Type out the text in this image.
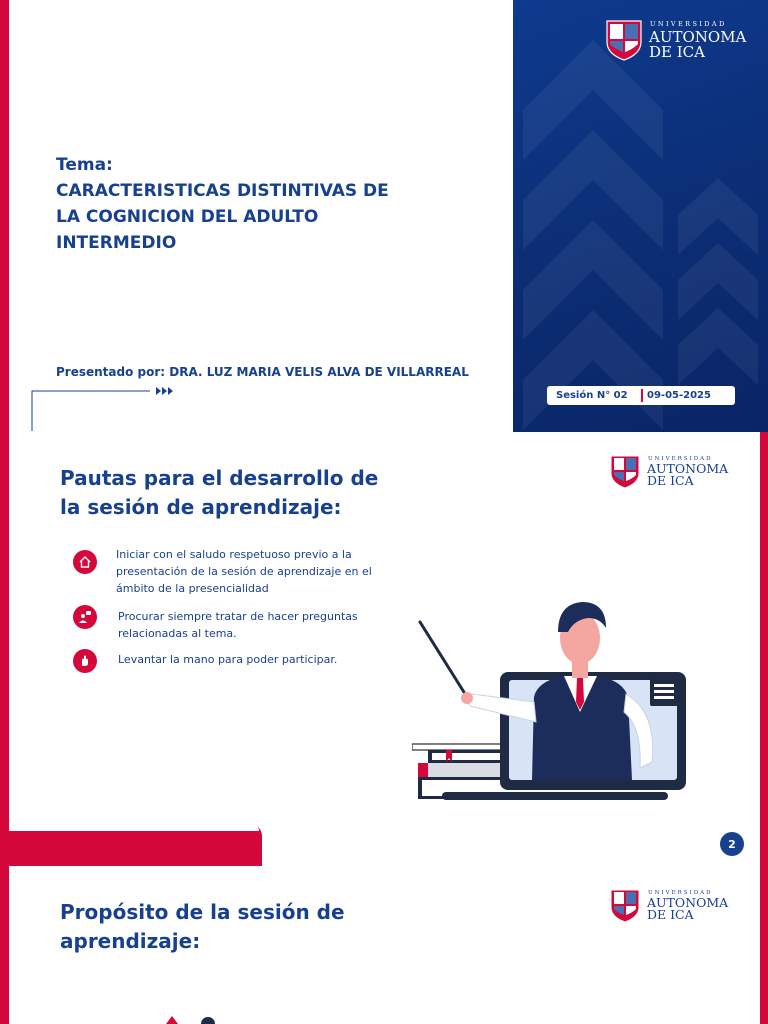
UNIVERSIDAD
AUTONOMA
DE ICA
Tema:
CARACTERISTICAS DISTINTIVAS DE
LA COGNICION DEL ADULTO
INTERMEDIO
Presentado por: DRA. LUZ MARIA VELIS ALVA DE VILLARREAL
Sesión N° 02	09-05-2025
Pautas para el desarrollo de
la sesión de aprendizaje:
UNIVERSIDAD
AUTONOMA
DE ICA
Iniciar con el saludo respetuoso previo a la
presentación de la sesión de aprendizaje en el
ámbito de la presencialidad
Procurar siempre tratar de hacer preguntas
relacionadas al tema.
Levantar la mano para poder participar.
2
Propósito de la sesión de
aprendizaje:
UNIVERSIDAD
AUTONOMA
DE ICA
